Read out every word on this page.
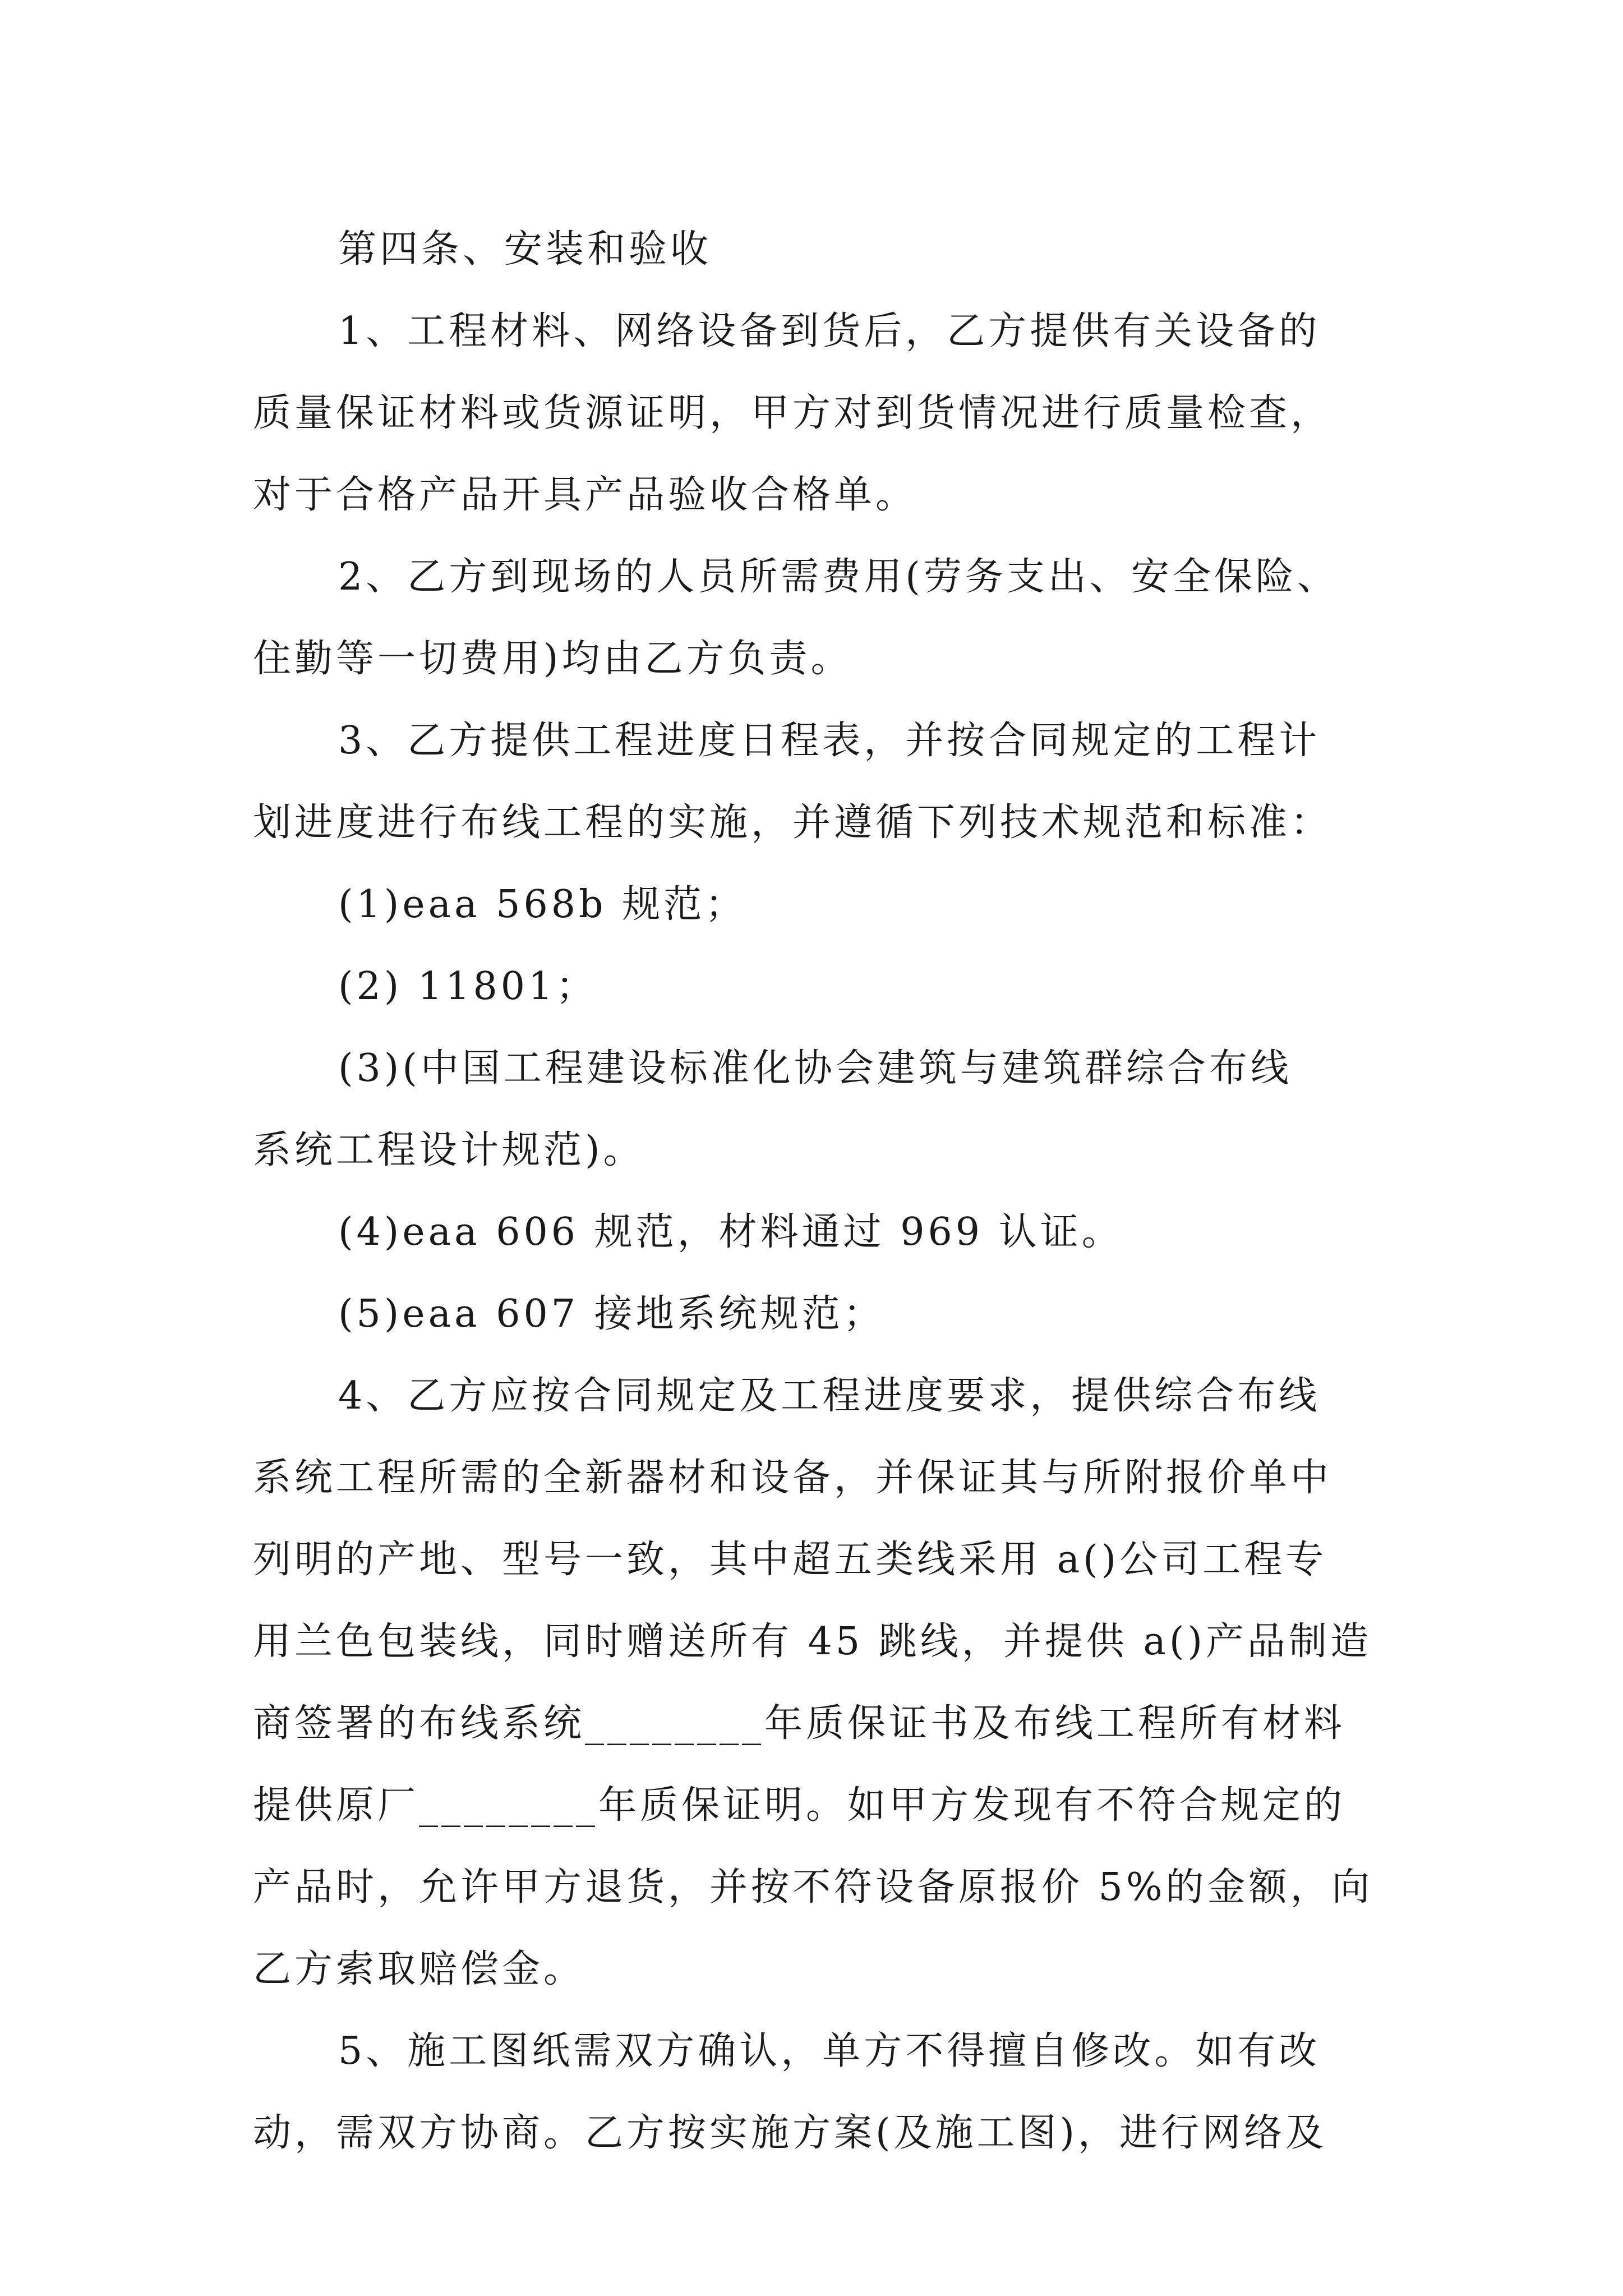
第四条、安装和验收
1、工程材料、网络设备到货后，乙方提供有关设备的
质量保证材料或货源证明，甲方对到货情况进行质量检查，
对于合格产品开具产品验收合格单。
2、乙方到现场的人员所需费用(劳务支出、安全保险、
住勤等一切费用)均由乙方负责。
3、乙方提供工程进度日程表，并按合同规定的工程计
划进度进行布线工程的实施，并遵循下列技术规范和标准：
(1)eaa 568b 规范；
(2) 11801；
(3)(中国工程建设标准化协会建筑与建筑群综合布线
系统工程设计规范)。
(4)eaa 606 规范，材料通过 969 认证。
(5)eaa 607 接地系统规范；
4、乙方应按合同规定及工程进度要求，提供综合布线
系统工程所需的全新器材和设备，并保证其与所附报价单中
列明的产地、型号一致，其中超五类线采用 a()公司工程专
用兰色包装线，同时赠送所有 45 跳线，并提供 a()产品制造
商签署的布线系统________年质保证书及布线工程所有材料
提供原厂________年质保证明。如甲方发现有不符合规定的
产品时，允许甲方退货，并按不符设备原报价 5%的金额，向
乙方索取赔偿金。
5、施工图纸需双方确认，单方不得擅自修改。如有改
动，需双方协商。乙方按实施方案(及施工图)，进行网络及
